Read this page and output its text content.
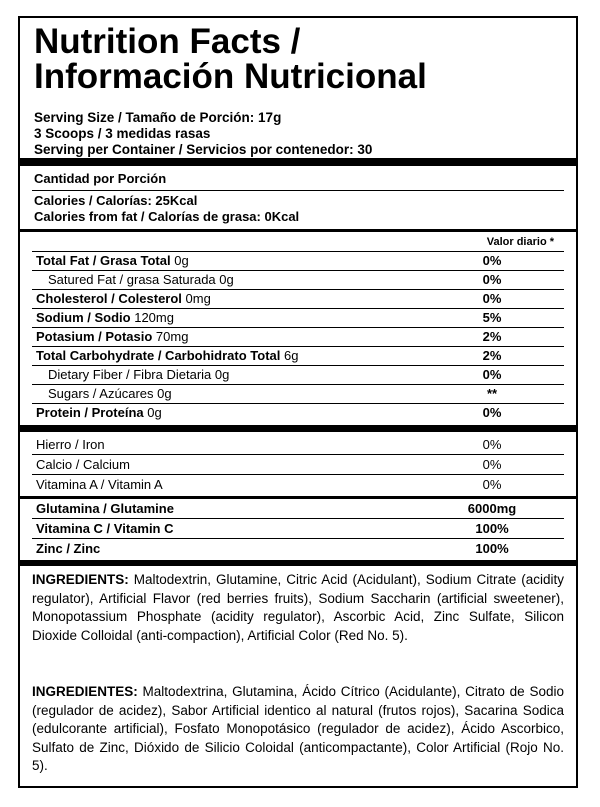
Nutrition Facts /
Información Nutricional
Serving Size / Tamaño de Porción: 17g
3 Scoops / 3 medidas rasas
Serving per Container / Servicios por contenedor: 30
Cantidad por Porción
Calories / Calorías: 25Kcal
Calories from fat / Calorías de grasa: 0Kcal
Valor diario *
Total Fat / Grasa Total 0g	0%
Satured Fat / grasa Saturada 0g	0%
Cholesterol / Colesterol 0mg	0%
Sodium / Sodio 120mg	5%
Potasium / Potasio 70mg	2%
Total Carbohydrate / Carbohidrato Total 6g	2%
Dietary Fiber / Fibra Dietaria 0g	0%
Sugars / Azúcares 0g	**
Protein / Proteína 0g	0%
Hierro / Iron	0%
Calcio / Calcium	0%
Vitamina A / Vitamin A	0%
Glutamina / Glutamine	6000mg
Vitamina C / Vitamin C	100%
Zinc / Zinc	100%
INGREDIENTS: Maltodextrin, Glutamine, Citric Acid (Acidulant), Sodium Citrate (acidity regulator), Artificial Flavor (red berries fruits), Sodium Saccharin (artificial sweetener), Monopotassium Phosphate (acidity regulator), Ascorbic Acid, Zinc Sulfate, Silicon Dioxide Colloidal (anti-compaction), Artificial Color (Red No. 5).
INGREDIENTES: Maltodextrina, Glutamina, Ácido Cítrico (Acidulante), Citrato de Sodio (regulador de acidez), Sabor Artificial identico al natural (frutos rojos), Sacarina Sodica (edulcorante artificial), Fosfato Monopotásico (regulador de acidez), Ácido Ascorbico, Sulfato de Zinc, Dióxido de Silicio Coloidal (anticompactante), Color Artificial (Rojo No. 5).
